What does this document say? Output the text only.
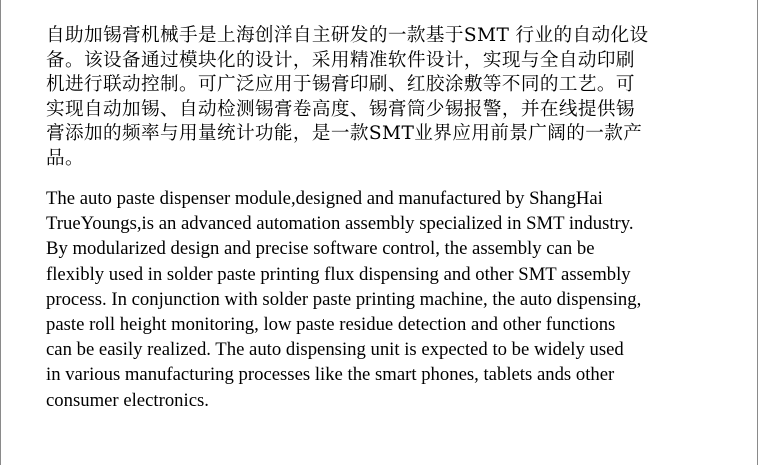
自助加锡膏机械手是上海创洋自主研发的一款基于SMT 行业的自动化设
备。该设备通过模块化的设计，采用精准软件设计，实现与全自动印刷
机进行联动控制。可广泛应用于锡膏印刷、红胶涂敷等不同的工艺。可
实现自动加锡、自动检测锡膏卷高度、锡膏筒少锡报警，并在线提供锡
膏添加的频率与用量统计功能，是一款SMT业界应用前景广阔的一款产
品。
The auto paste dispenser module,designed and manufactured by ShangHai
TrueYoungs,is an advanced automation assembly specialized in SMT industry.
By modularized design and precise software control, the assembly can be
flexibly used in solder paste printing flux dispensing and other SMT assembly
process. In conjunction with solder paste printing machine, the auto dispensing,
paste roll height monitoring, low paste residue detection and other functions
can be easily realized. The auto dispensing unit is expected to be widely used
in various manufacturing processes like the smart phones, tablets ands other
consumer electronics.
